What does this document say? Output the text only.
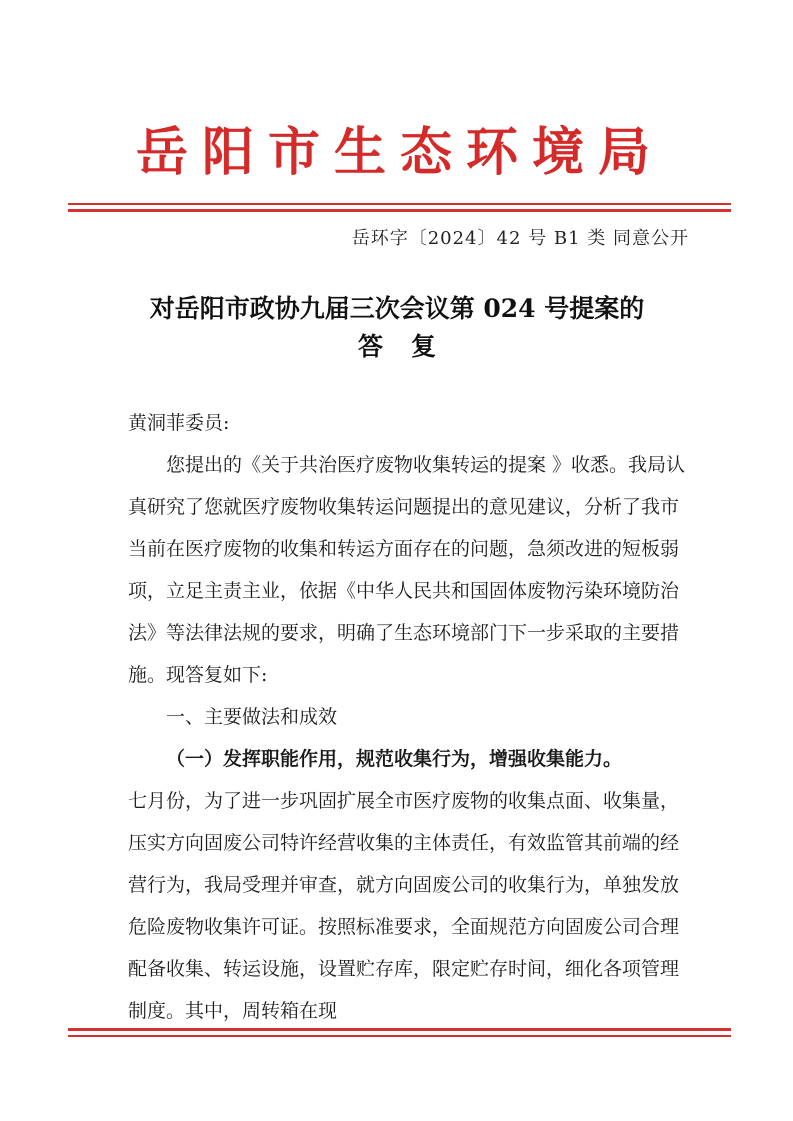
岳阳市生态环境局
岳环字〔2024〕42 号 B1 类 同意公开
对岳阳市政协九届三次会议第 024 号提案的
答复

黄洞菲委员:

您提出的《关于共治医疗废物收集转运的提案 》收悉。我局认真研究了您就医疗废物收集转运问题提出的意见建议，分析了我市当前在医疗废物的收集和转运方面存在的问题，急须改进的短板弱项，立足主责主业，依据《中华人民共和国固体废物污染环境防治法》等法律法规的要求，明确了生态环境部门下一步采取的主要措施。现答复如下:

一、主要做法和成效

（一）发挥职能作用，规范收集行为，增强收集能力。

七月份，为了进一步巩固扩展全市医疗废物的收集点面、收集量，压实方向固废公司特许经营收集的主体责任，有效监管其前端的经营行为，我局受理并审查，就方向固废公司的收集行为，单独发放危险废物收集许可证。按照标准要求，全面规范方向固废公司合理配备收集、转运设施，设置贮存库，限定贮存时间，细化各项管理制度。其中，周转箱在现
